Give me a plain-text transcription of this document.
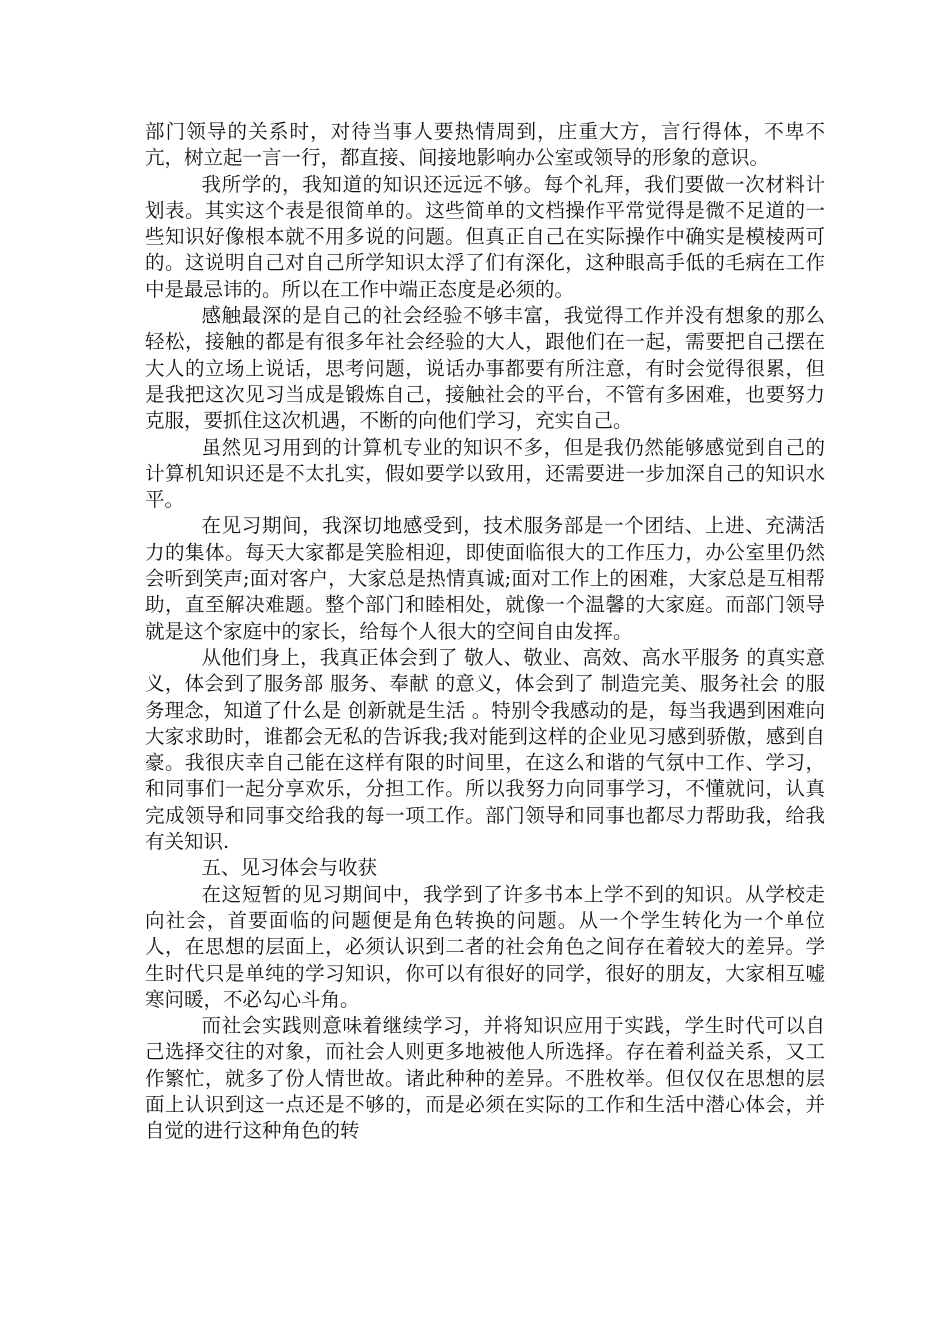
部门领导的关系时，对待当事人要热情周到，庄重大方，言行得体，不卑不亢，树立起一言一行，都直接、间接地影响办公室或领导的形象的意识。

我所学的，我知道的知识还远远不够。每个礼拜，我们要做一次材料计划表。其实这个表是很简单的。这些简单的文档操作平常觉得是微不足道的一些知识好像根本就不用多说的问题。但真正自己在实际操作中确实是模棱两可的。这说明自己对自己所学知识太浮了们有深化，这种眼高手低的毛病在工作中是最忌讳的。所以在工作中端正态度是必须的。

感触最深的是自己的社会经验不够丰富，我觉得工作并没有想象的那么轻松，接触的都是有很多年社会经验的大人，跟他们在一起，需要把自己摆在大人的立场上说话，思考问题，说话办事都要有所注意，有时会觉得很累，但是我把这次见习当成是锻炼自己，接触社会的平台，不管有多困难，也要努力克服，要抓住这次机遇，不断的向他们学习，充实自己。

虽然见习用到的计算机专业的知识不多，但是我仍然能够感觉到自己的计算机知识还是不太扎实，假如要学以致用，还需要进一步加深自己的知识水平。

在见习期间，我深切地感受到，技术服务部是一个团结、上进、充满活力的集体。每天大家都是笑脸相迎，即使面临很大的工作压力，办公室里仍然会听到笑声;面对客户，大家总是热情真诚;面对工作上的困难，大家总是互相帮助，直至解决难题。整个部门和睦相处，就像一个温馨的大家庭。而部门领导就是这个家庭中的家长，给每个人很大的空间自由发挥。

从他们身上，我真正体会到了 敬人、敬业、高效、高水平服务 的真实意义，体会到了服务部 服务、奉献 的意义，体会到了 制造完美、服务社会 的服务理念，知道了什么是 创新就是生活 。特别令我感动的是，每当我遇到困难向大家求助时，谁都会无私的告诉我;我对能到这样的企业见习感到骄傲，感到自豪。我很庆幸自己能在这样有限的时间里，在这么和谐的气氛中工作、学习，和同事们一起分享欢乐，分担工作。所以我努力向同事学习，不懂就问，认真完成领导和同事交给我的每一项工作。部门领导和同事也都尽力帮助我，给我有关知识.

五、见习体会与收获

在这短暂的见习期间中，我学到了许多书本上学不到的知识。从学校走向社会，首要面临的问题便是角色转换的问题。从一个学生转化为一个单位人，在思想的层面上，必须认识到二者的社会角色之间存在着较大的差异。学生时代只是单纯的学习知识，你可以有很好的同学，很好的朋友，大家相互嘘寒问暖，不必勾心斗角。

而社会实践则意味着继续学习，并将知识应用于实践，学生时代可以自己选择交往的对象，而社会人则更多地被他人所选择。存在着利益关系，又工作繁忙，就多了份人情世故。诸此种种的差异。不胜枚举。但仅仅在思想的层面上认识到这一点还是不够的，而是必须在实际的工作和生活中潜心体会，并自觉的进行这种角色的转
